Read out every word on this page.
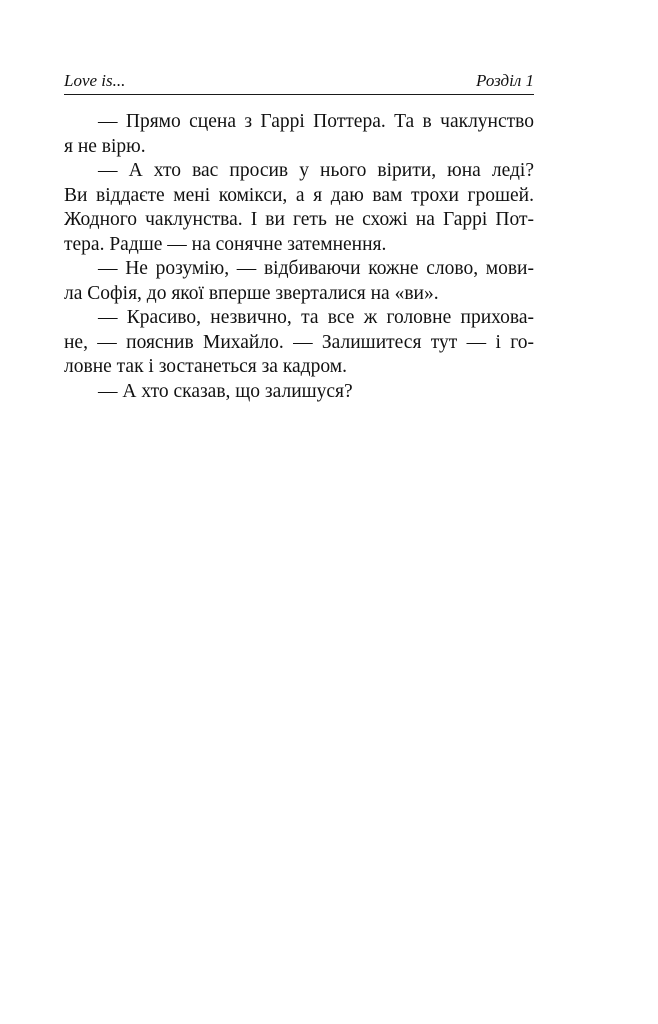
Love is...	Розділ 1
— Прямо сцена з Гаррі Поттера. Та в чаклунство
я не вірю.
— А хто вас просив у нього вірити, юна леді?
Ви віддаєте мені комікси, а я даю вам трохи грошей.
Жодного чаклунства. І ви геть не схожі на Гаррі Пот-
тера. Радше — на сонячне затемнення.
— Не розумію, — відбиваючи кожне слово, мови-
ла Софія, до якої вперше зверталися на «ви».
— Красиво, незвично, та все ж головне прихова-
не, — пояснив Михайло. — Залишитеся тут — і го-
ловне так і зостанеться за кадром.
— А хто сказав, що залишуся?
